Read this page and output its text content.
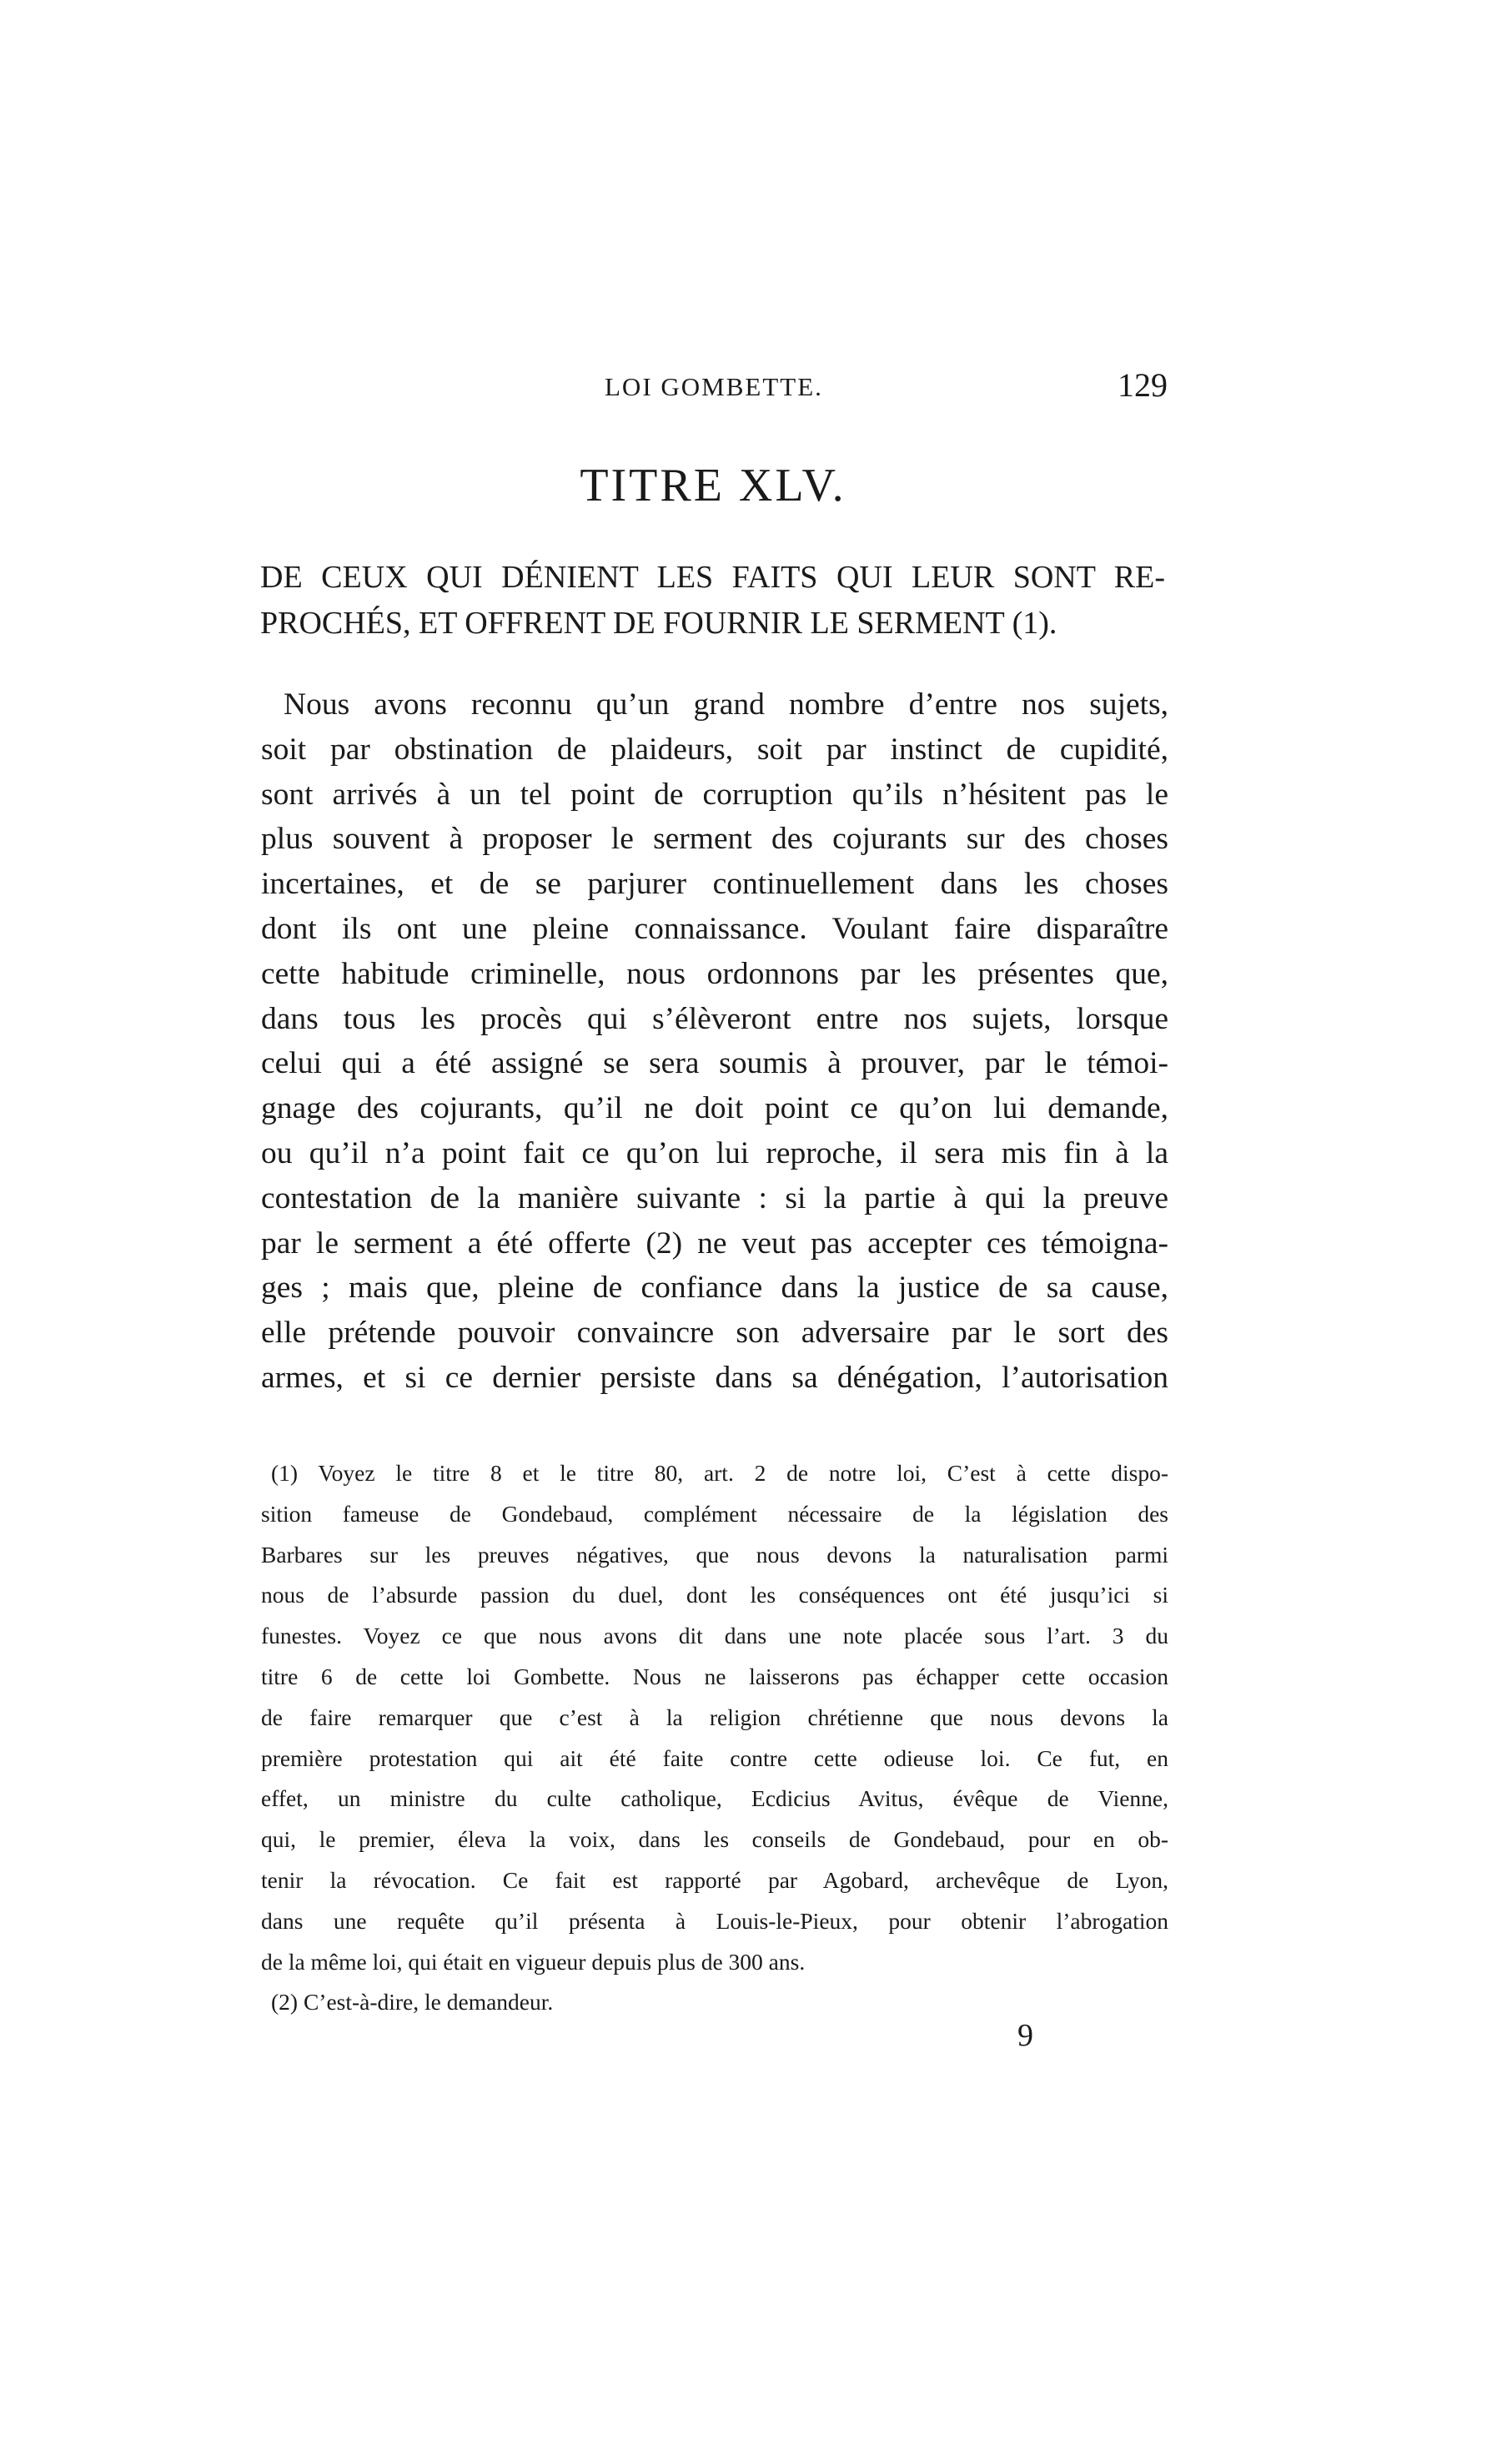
LOI GOMBETTE.	129
TITRE XLV.
DE CEUX QUI DÉNIENT LES FAITS QUI LEUR SONT RE-
PROCHÉS, ET OFFRENT DE FOURNIR LE SERMENT (1).
Nous avons reconnu qu’un grand nombre d’entre nos sujets,
soit par obstination de plaideurs, soit par instinct de cupidité,
sont arrivés à un tel point de corruption qu’ils n’hésitent pas le
plus souvent à proposer le serment des cojurants sur des choses
incertaines, et de se parjurer continuellement dans les choses
dont ils ont une pleine connaissance. Voulant faire disparaître
cette habitude criminelle, nous ordonnons par les présentes que,
dans tous les procès qui s’élèveront entre nos sujets, lorsque
celui qui a été assigné se sera soumis à prouver, par le témoi-
gnage des cojurants, qu’il ne doit point ce qu’on lui demande,
ou qu’il n’a point fait ce qu’on lui reproche, il sera mis fin à la
contestation de la manière suivante : si la partie à qui la preuve
par le serment a été offerte (2) ne veut pas accepter ces témoigna-
ges ; mais que, pleine de confiance dans la justice de sa cause,
elle prétende pouvoir convaincre son adversaire par le sort des
armes, et si ce dernier persiste dans sa dénégation, l’autorisation
(1) Voyez le titre 8 et le titre 80, art. 2 de notre loi, C’est à cette dispo-
sition fameuse de Gondebaud, complément nécessaire de la législation des
Barbares sur les preuves négatives, que nous devons la naturalisation parmi
nous de l’absurde passion du duel, dont les conséquences ont été jusqu’ici si
funestes. Voyez ce que nous avons dit dans une note placée sous l’art. 3 du
titre 6 de cette loi Gombette. Nous ne laisserons pas échapper cette occasion
de faire remarquer que c’est à la religion chrétienne que nous devons la
première protestation qui ait été faite contre cette odieuse loi. Ce fut, en
effet, un ministre du culte catholique, Ecdicius Avitus, évêque de Vienne,
qui, le premier, éleva la voix, dans les conseils de Gondebaud, pour en ob-
tenir la révocation. Ce fait est rapporté par Agobard, archevêque de Lyon,
dans une requête qu’il présenta à Louis-le-Pieux, pour obtenir l’abrogation
de la même loi, qui était en vigueur depuis plus de 300 ans.
(2) C’est-à-dire, le demandeur.
9
